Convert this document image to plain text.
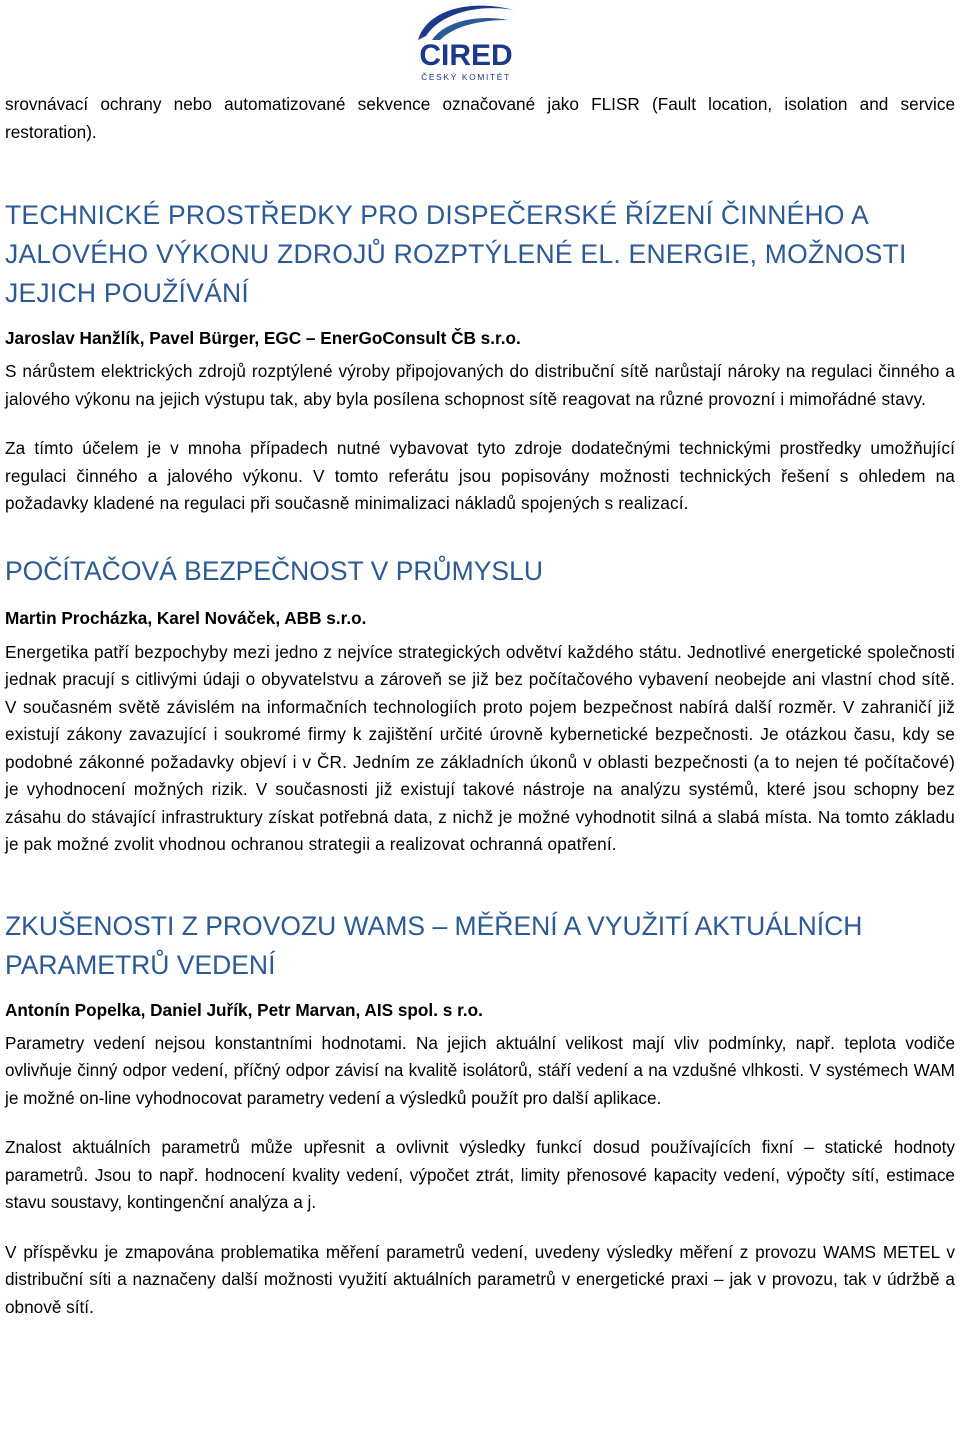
CIRED
ČESKÝ KOMITÉT

srovnávací ochrany nebo automatizované sekvence označované jako FLISR (Fault location, isolation and service restoration).

TECHNICKÉ PROSTŘEDKY PRO DISPEČERSKÉ ŘÍZENÍ ČINNÉHO A JALOVÉHO VÝKONU ZDROJŮ ROZPTÝLENÉ EL. ENERGIE, MOŽNOSTI JEJICH POUŽÍVÁNÍ
Jaroslav Hanžlík, Pavel Bürger, EGC – EnerGoConsult ČB s.r.o.

S nárůstem elektrických zdrojů rozptýlené výroby připojovaných do distribuční sítě narůstají nároky na regulaci činného a jalového výkonu na jejich výstupu tak, aby byla posílena schopnost sítě reagovat na různé provozní i mimořádné stavy.

Za tímto účelem je v mnoha případech nutné vybavovat tyto zdroje dodatečnými technickými prostředky umožňující regulaci činného a jalového výkonu. V tomto referátu jsou popisovány možnosti technických řešení s ohledem na požadavky kladené na regulaci při současně minimalizaci nákladů spojených s realizací.

POČÍTAČOVÁ BEZPEČNOST V PRŮMYSLU
Martin Procházka, Karel Nováček, ABB s.r.o.

Energetika patří bezpochyby mezi jedno z nejvíce strategických odvětví každého státu. Jednotlivé energetické společnosti jednak pracují s citlivými údaji o obyvatelstvu a zároveň se již bez počítačového vybavení neobejde ani vlastní chod sítě. V současném světě závislém na informačních technologiích proto pojem bezpečnost nabírá další rozměr. V zahraničí již existují zákony zavazující i soukromé firmy k zajištění určité úrovně kybernetické bezpečnosti. Je otázkou času, kdy se podobné zákonné požadavky objeví i v ČR. Jedním ze základních úkonů v oblasti bezpečnosti (a to nejen té počítačové) je vyhodnocení možných rizik. V současnosti již existují takové nástroje na analýzu systémů, které jsou schopny bez zásahu do stávající infrastruktury získat potřebná data, z nichž je možné vyhodnotit silná a slabá místa. Na tomto základu je pak možné zvolit vhodnou ochranou strategii a realizovat ochranná opatření.

ZKUŠENOSTI Z PROVOZU WAMS – MĚŘENÍ A VYUŽITÍ AKTUÁLNÍCH PARAMETRŮ VEDENÍ
Antonín Popelka, Daniel Juřík, Petr Marvan, AIS spol. s r.o.

Parametry vedení nejsou konstantními hodnotami. Na jejich aktuální velikost mají vliv podmínky, např. teplota vodiče ovlivňuje činný odpor vedení, příčný odpor závisí na kvalitě isolátorů, stáří vedení a na vzdušné vlhkosti. V systémech WAM je možné on-line vyhodnocovat parametry vedení a výsledků použít pro další aplikace.

Znalost aktuálních parametrů může upřesnit a ovlivnit výsledky funkcí dosud používajících fixní – statické hodnoty parametrů. Jsou to např. hodnocení kvality vedení, výpočet ztrát, limity přenosové kapacity vedení, výpočty sítí, estimace stavu soustavy, kontingenční analýza a j.

V příspěvku je zmapována problematika měření parametrů vedení, uvedeny výsledky měření z provozu WAMS METEL v distribuční síti a naznačeny další možnosti využití aktuálních parametrů v energetické praxi – jak v provozu, tak v údržbě a obnově sítí.
